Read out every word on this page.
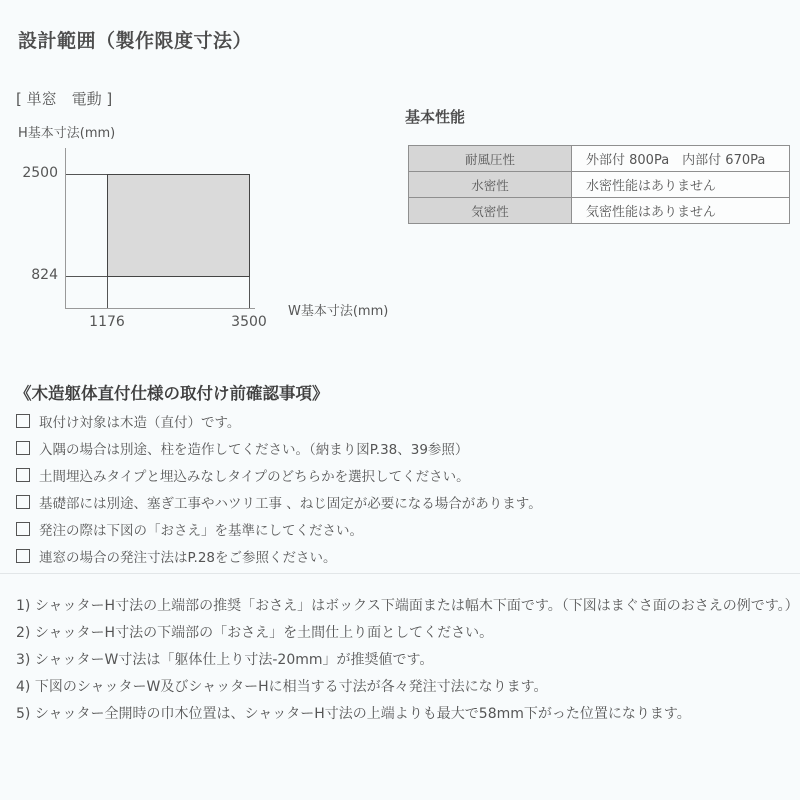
設計範囲（製作限度寸法）
[ 単窓　電動 ]
H基本寸法(mm)
2500
824
1176	3500
W基本寸法(mm)
基本性能
耐風圧性	外部付 800Pa　内部付 670Pa
水密性	水密性能はありません
気密性	気密性能はありません
《木造躯体直付仕様の取付け前確認事項》
取付け対象は木造（直付）です。
入隅の場合は別途、柱を造作してください。（納まり図P.38、39参照）
土間埋込みタイプと埋込みなしタイプのどちらかを選択してください。
基礎部には別途、塞ぎ工事やハツリ工事 、ねじ固定が必要になる場合があります。
発注の際は下図の「おさえ」を基準にしてください。
連窓の場合の発注寸法はP.28をご参照ください。
1) シャッターH寸法の上端部の推奨「おさえ」はボックス下端面または幅木下面です。（下図はまぐさ面のおさえの例です。）
2) シャッターH寸法の下端部の「おさえ」を土間仕上り面としてください。
3) シャッターW寸法は「躯体仕上り寸法-20mm」が推奨値です。
4) 下図のシャッターW及びシャッターHに相当する寸法が各々発注寸法になります。
5) シャッター全開時の巾木位置は、シャッターH寸法の上端よりも最大で58mm下がった位置になります。
